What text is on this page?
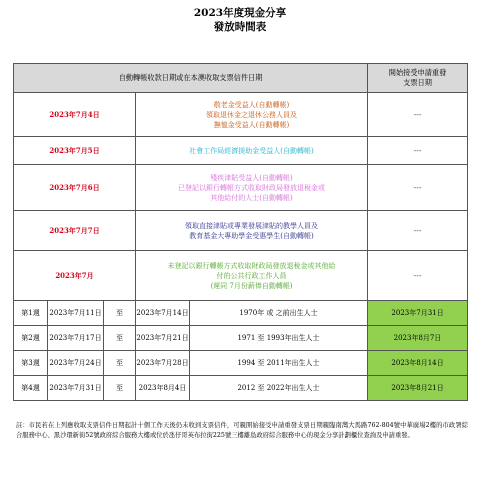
2023年度現金分享
發放時間表
自動轉帳收款日期或在本澳收取支票信件日期					開始接受申請重發
支票日期

2023年7月4日			敬老金受益人(自動轉帳)
領取退休金之退休公務人員及
撫恤金受益人(自動轉帳)		---
2023年7月5日			社會工作局經濟援助金受益人(自動轉帳)		---
2023年7月6日			殘疾津貼受益人(自動轉帳)
已登記以銀行轉帳方式收取財政局發放退稅金或
其他給付的人士(自動轉帳)		---
2023年7月7日			領取直接津貼或專業發展津貼的教學人員及
教育基金大專助學金受惠學生(自動轉帳)		---
2023年7月			未登記以銀行轉帳方式收取財政局發放退稅金或其他給
付的公共行政工作人員
(遲同 7月份薪俸自動轉帳)		---
第1週	2023年7月11日	至	2023年7月14日	1970年 或 之前出生人士	2023年7月31日
第2週	2023年7月17日	至	2023年7月21日	1971 至 1993年出生人士	2023年8月7日
第3週	2023年7月24日	至	2023年7月28日	1994 至 2011年出生人士	2023年8月14日
第4週	2023年7月31日	至	2023年8月4日	2012 至 2022年出生人士	2023年8月21日
註：市民若在上列應收取支票信件日期起計十個工作天後仍未收到支票信件，可親開始接受申請重發支票日期親臨南灣大馬路762-804號中華廣場2樓的市政署綜合服務中心、黑沙環新街52號政府綜合服務大樓或位於氹仔哥英布拉街225號三樓離島政府綜合服務中心的現金分享計劃櫃位查詢及申請重發。
